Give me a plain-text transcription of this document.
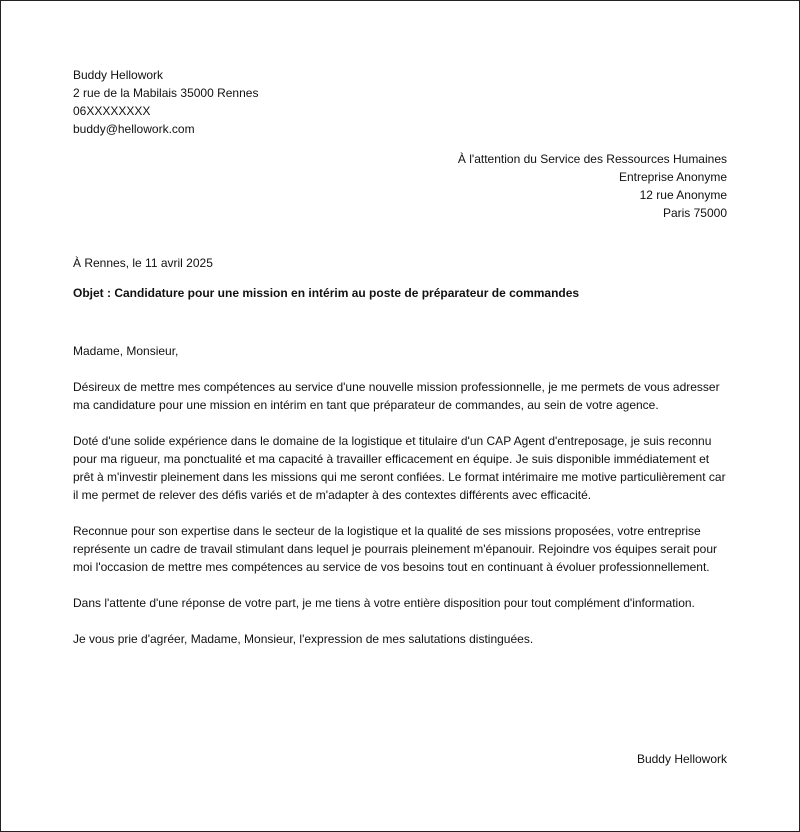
Buddy Hellowork
2 rue de la Mabilais 35000 Rennes
06XXXXXXXX
buddy@hellowork.com
À l'attention du Service des Ressources Humaines
Entreprise Anonyme
12 rue Anonyme
Paris 75000
À Rennes, le 11 avril 2025
Objet : Candidature pour une mission en intérim au poste de préparateur de commandes

Madame, Monsieur,

Désireux de mettre mes compétences au service d'une nouvelle mission professionnelle, je me permets de vous adresser ma candidature pour une mission en intérim en tant que préparateur de commandes, au sein de votre agence.

Doté d'une solide expérience dans le domaine de la logistique et titulaire d'un CAP Agent d'entreposage, je suis reconnu pour ma rigueur, ma ponctualité et ma capacité à travailler efficacement en équipe. Je suis disponible immédiatement et prêt à m'investir pleinement dans les missions qui me seront confiées. Le format intérimaire me motive particulièrement car il me permet de relever des défis variés et de m'adapter à des contextes différents avec efficacité.

Reconnue pour son expertise dans le secteur de la logistique et la qualité de ses missions proposées, votre entreprise représente un cadre de travail stimulant dans lequel je pourrais pleinement m'épanouir. Rejoindre vos équipes serait pour moi l'occasion de mettre mes compétences au service de vos besoins tout en continuant à évoluer professionnellement.

Dans l'attente d'une réponse de votre part, je me tiens à votre entière disposition pour tout complément d'information.

Je vous prie d'agréer, Madame, Monsieur, l'expression de mes salutations distinguées.

Buddy Hellowork
